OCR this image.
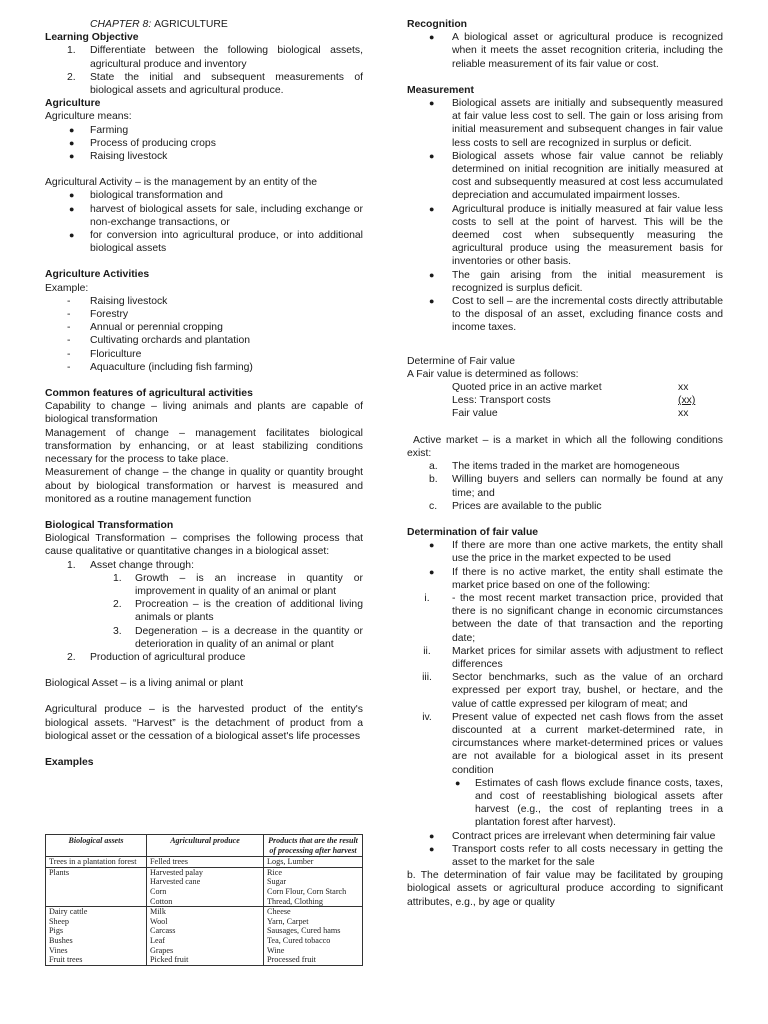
CHAPTER 8: AGRICULTURE

Learning Objective

1. Differentiate between the following biological assets, agricultural produce and inventory
2. State the initial and subsequent measurements of biological assets and agricultural produce.

Agriculture

Agriculture means:

● Farming
● Process of producing crops
● Raising livestock

Agricultural Activity – is the management by an entity of the

● biological transformation and
● harvest of biological assets for sale, including exchange or non-exchange transactions, or
● for conversion into agricultural produce, or into additional biological assets

Agriculture Activities

Example:

- Raising livestock
- Forestry
- Annual or perennial cropping
- Cultivating orchards and plantation
- Floriculture
- Aquaculture (including fish farming)

Common features of agricultural activities

Capability to change – living animals and plants are capable of biological transformation

Management of change – management facilitates biological transformation by enhancing, or at least stabilizing conditions necessary for the process to take place.

Measurement of change – the change in quality or quantity brought about by biological transformation or harvest is measured and monitored as a routine management function

Biological Transformation

Biological Transformation – comprises the following process that cause qualitative or quantitative changes in a biological asset:

1. Asset change through:
1. Growth – is an increase in quantity or improvement in quality of an animal or plant
2. Procreation – is the creation of additional living animals or plants
3. Degeneration – is a decrease in the quantity or deterioration in quality of an animal or plant
2. Production of agricultural produce

Biological Asset – is a living animal or plant

Agricultural produce – is the harvested product of the entity's biological assets. “Harvest” is the detachment of product from a biological asset or the cessation of a biological asset's life processes

Examples

Biological assets	Agricultural produce	Products that are the result of processing after harvest
Trees in a plantation forest	Felled trees	Logs, Lumber
Plants	Harvested palay	Rice
	Harvested cane	Sugar
	Corn	Corn Flour, Corn Starch
	Cotton	Thread, Clothing
Dairy cattle	Milk	Cheese
Sheep	Wool	Yarn, Carpet
Pigs	Carcass	Sausages, Cured hams
Bushes	Leaf	Tea, Cured tobacco
Vines	Grapes	Wine
Fruit trees	Picked fruit	Processed fruit

Recognition

● A biological asset or agricultural produce is recognized when it meets the asset recognition criteria, including the reliable measurement of its fair value or cost.

Measurement

● Biological assets are initially and subsequently measured at fair value less cost to sell. The gain or loss arising from initial measurement and subsequent changes in fair value less costs to sell are recognized in surplus or deficit.
● Biological assets whose fair value cannot be reliably determined on initial recognition are initially measured at cost and subsequently measured at cost less accumulated depreciation and accumulated impairment losses.
● Agricultural produce is initially measured at fair value less costs to sell at the point of harvest. This will be the deemed cost when subsequently measuring the agricultural produce using the measurement basis for inventories or other basis.
● The gain arising from the initial measurement is recognized is surplus deficit.
● Cost to sell – are the incremental costs directly attributable to the disposal of an asset, excluding finance costs and income taxes.

Determine of Fair value

A Fair value is determined as follows:

Quoted price in an active market	xx
Less: Transport costs	(xx)
Fair value	xx

Active market – is a market in which all the following conditions exist:

a. The items traded in the market are homogeneous
b. Willing buyers and sellers can normally be found at any time; and
c. Prices are available to the public

Determination of fair value

● If there are more than one active markets, the entity shall use the price in the market expected to be used
● If there is no active market, the entity shall estimate the market price based on one of the following:
i.	- the most recent market transaction price, provided that there is no significant change in economic circumstances between the date of that transaction and the reporting date;
ii.	Market prices for similar assets with adjustment to reflect differences
iii.	Sector benchmarks, such as the value of an orchard expressed per export tray, bushel, or hectare, and the value of cattle expressed per kilogram of meat; and
iv.	Present value of expected net cash flows from the asset discounted at a current market-determined rate, in circumstances where market-determined prices or values are not available for a biological asset in its present condition
● Estimates of cash flows exclude finance costs, taxes, and cost of reestablishing biological assets after harvest (e.g., the cost of replanting trees in a plantation forest after harvest).
● Contract prices are irrelevant when determining fair value
● Transport costs refer to all costs necessary in getting the asset to the market for the sale

b. The determination of fair value may be facilitated by grouping biological assets or agricultural produce according to significant attributes, e.g., by age or quality
